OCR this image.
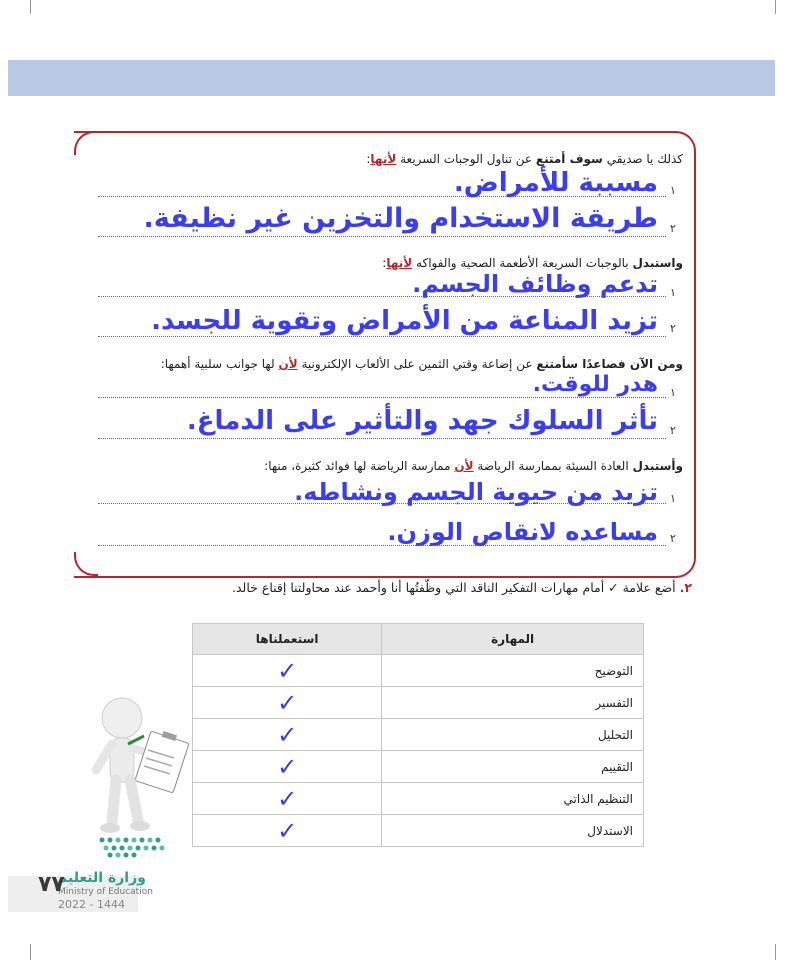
كذلك يا صديقي سوف أمتنع عن تناول الوجبات السريعة لأنها:
١
مسببة للأمراض.
٢
طريقة الاستخدام والتخزين غير نظيفة.
واستبدل بالوجبات السريعة الأطعمة الصحية والفواكه لأنها:
١
تدعم وظائف الجسم.
٢
تزيد المناعة من الأمراض وتقوية للجسد.
ومن الآن فصاعدًا سأمتنع عن إضاعة وقتي الثمين على الألعاب الإلكترونية لأن لها جوانب سلبية أهمها:
١
هدر للوقت.
٢
تأثر السلوك جهد والتأثير على الدماغ.
وأستبدل العادة السيئة بممارسة الرياضة لأن ممارسة الرياضة لها فوائد كثيرة، منها:
١
تزيد من حيوية الجسم ونشاطه.
٢
مساعده لانقاص الوزن.
٢. أضع علامة ✓ أمام مهارات التفكير الناقد التي وظّفتُها أنا وأحمد عند محاولتنا إقناع خالد.
استعملناها	المهارة
✓	التوضيح
✓	التفسير
✓	التحليل
✓	التقييم
✓	التنظيم الذاتي
✓	الاستدلال
وزارة التعليم
Ministry of Education
2022 - 1444
٧٧
